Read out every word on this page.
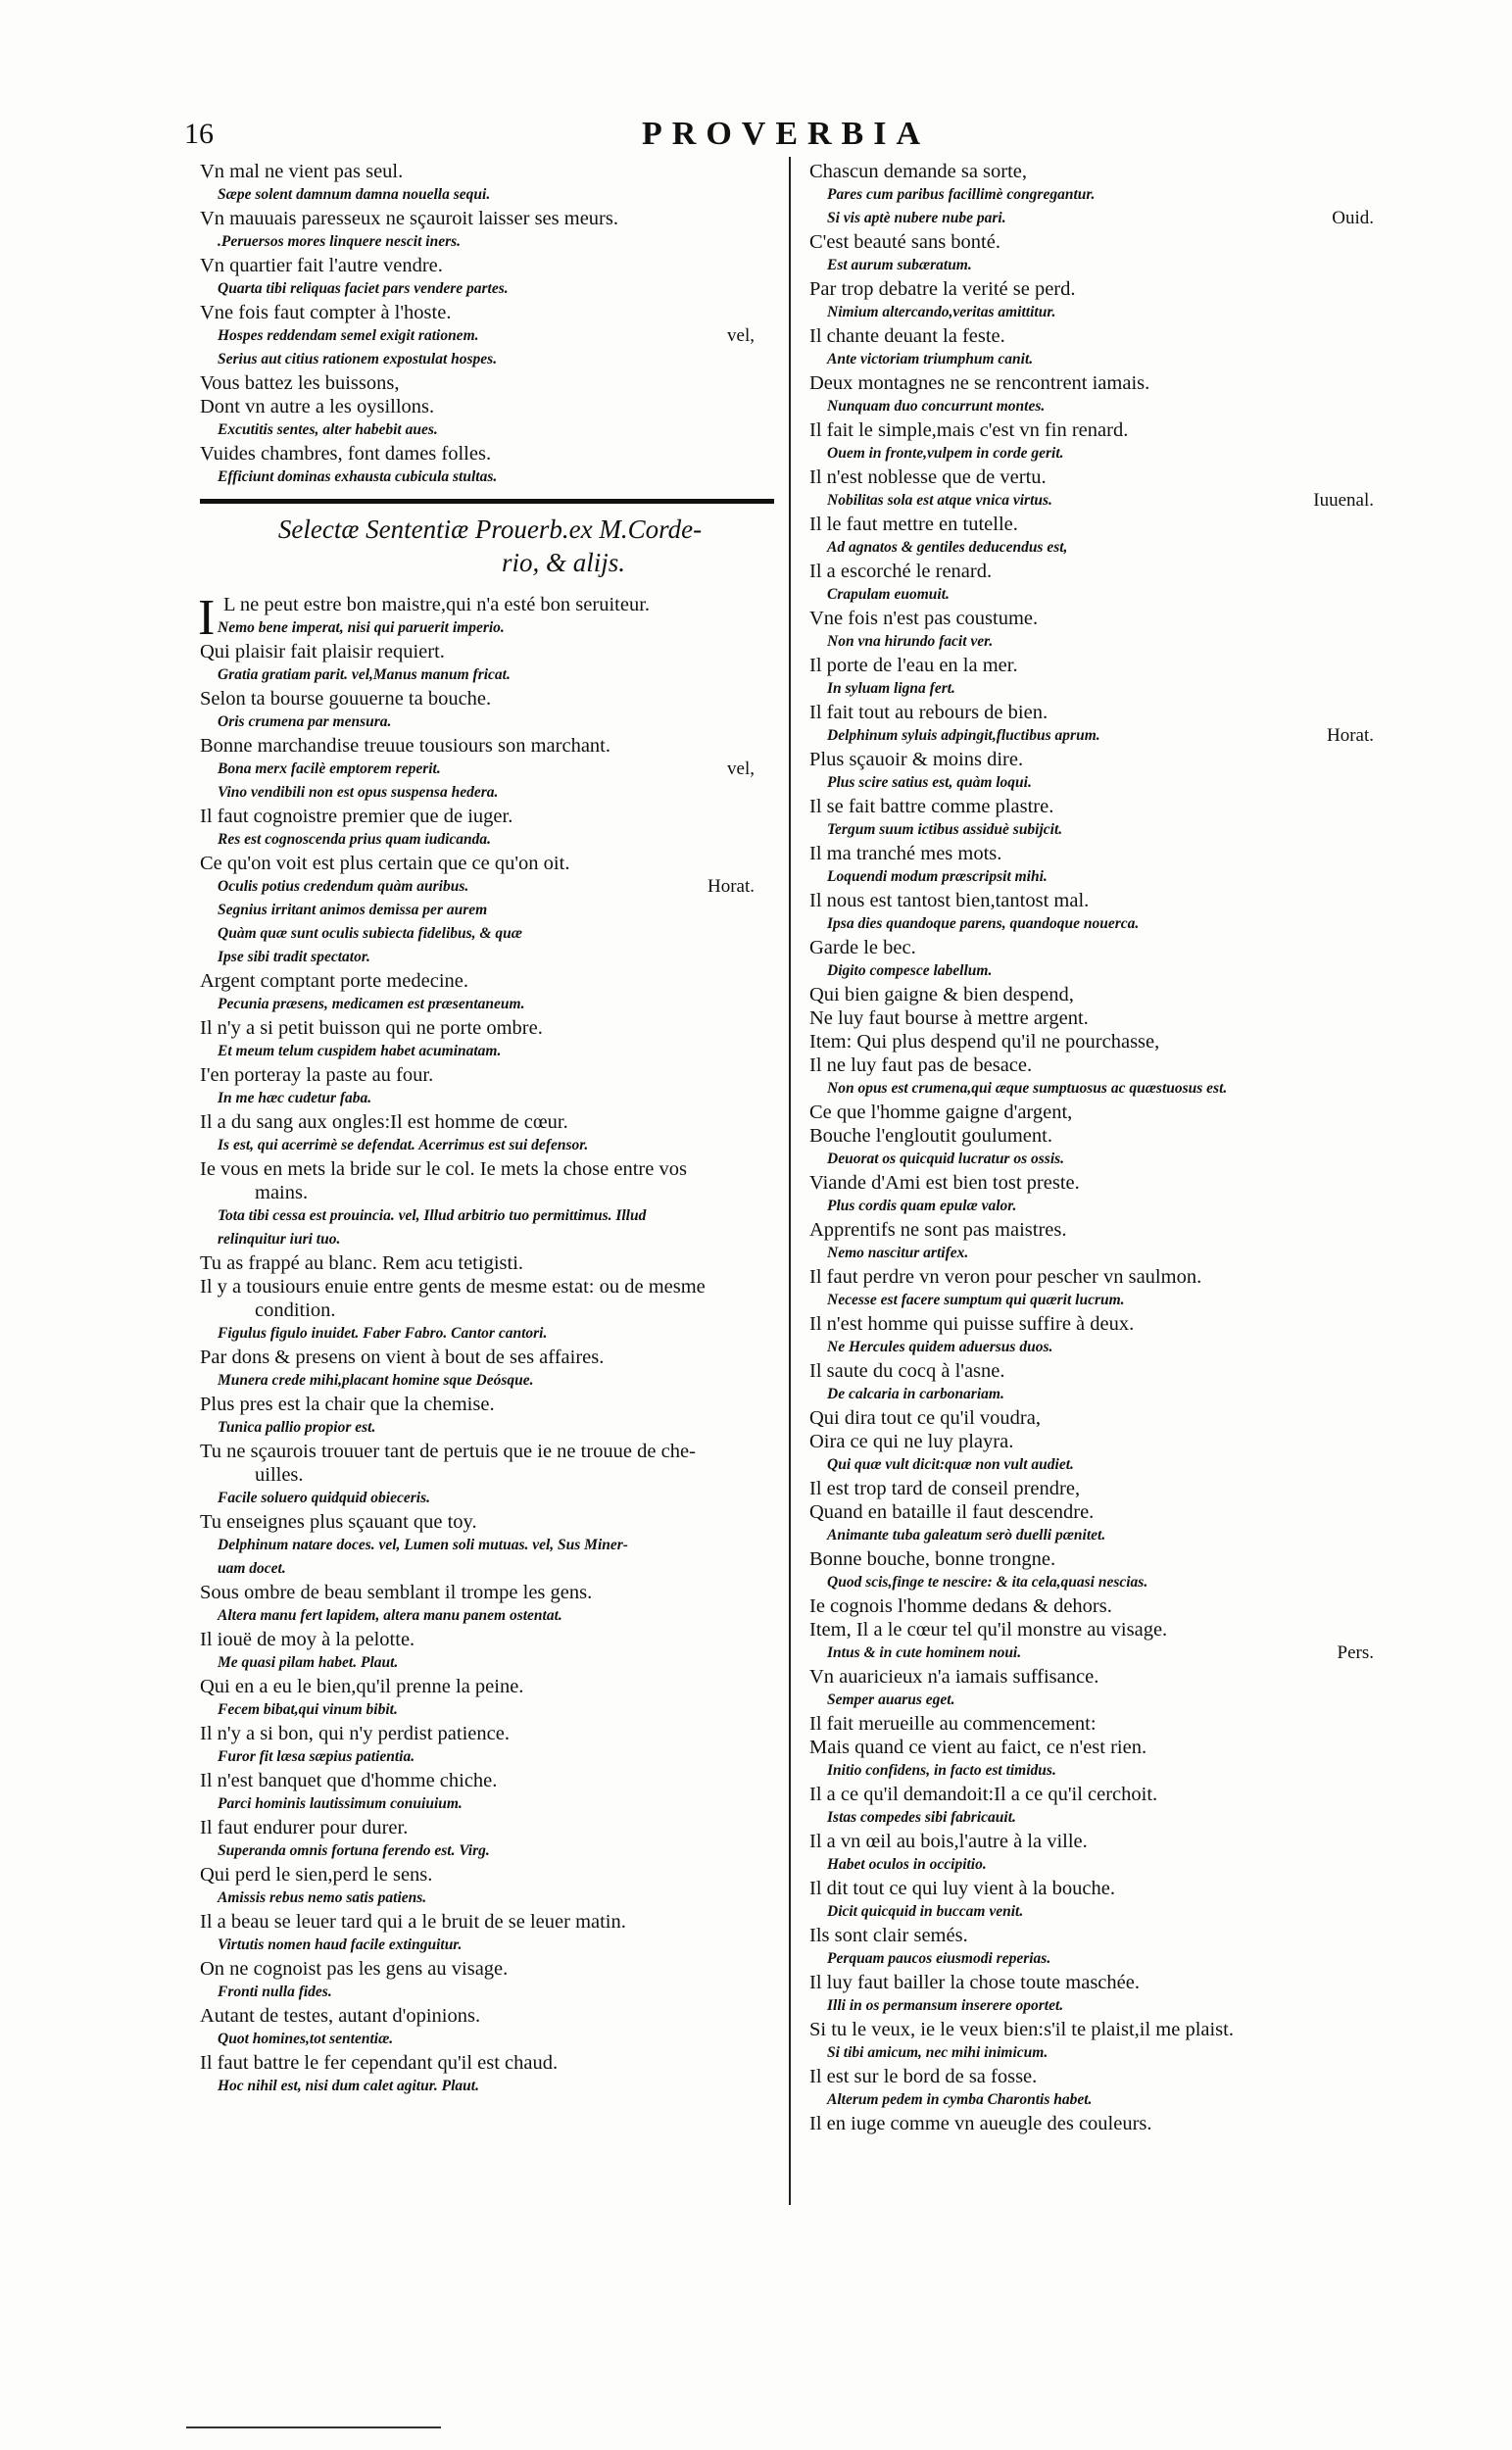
16	PROVERBIA
Vn mal ne vient pas seul.
Sæpe solent damnum damna nouella sequi.
Vn mauuais paresseux ne sçauroit laisser ses meurs.
.Peruersos mores linquere nescit iners.
Vn quartier fait l'autre vendre.
Quarta tibi reliquas faciet pars vendere partes.
Vne fois faut compter à l'hoste.
Hospes reddendam semel exigit rationem.	vel,
Serius aut citius rationem expostulat hospes.
Vous battez les buissons,
Dont vn autre a les oysillons.
Excutitis sentes, alter habebit aues.
Vuides chambres, font dames folles.
Efficiunt dominas exhausta cubicula stultas.
Selectæ Sententiæ Prouerb.ex M.Corde-
rio, & alijs.
I L ne peut estre bon maistre,qui n'a esté bon seruiteur.
Nemo bene imperat, nisi qui paruerit imperio.
Qui plaisir fait plaisir requiert.
Gratia gratiam parit. vel,Manus manum fricat.
Selon ta bourse gouuerne ta bouche.
Oris crumena par mensura.
Bonne marchandise treuue tousiours son marchant.
Bona merx facilè emptorem reperit.	vel,
Vino vendibili non est opus suspensa hedera.
Il faut cognoistre premier que de iuger.
Res est cognoscenda prius quam iudicanda.
Ce qu'on voit est plus certain que ce qu'on oit.
Oculis potius credendum quàm auribus.	Horat.
Segnius irritant animos demissa per aurem
Quàm quæ sunt oculis subiecta fidelibus, & quæ
Ipse sibi tradit spectator.
Argent comptant porte medecine.
Pecunia præsens, medicamen est præsentaneum.
Il n'y a si petit buisson qui ne porte ombre.
Et meum telum cuspidem habet acuminatam.
I'en porteray la paste au four.
In me hæc cudetur faba.
Il a du sang aux ongles:Il est homme de cœur.
Is est, qui acerrimè se defendat. Acerrimus est sui defensor.
Ie vous en mets la bride sur le col. Ie mets la chose entre vos
mains.
Tota tibi cessa est prouincia. vel, Illud arbitrio tuo permittimus. Illud
relinquitur iuri tuo.
Tu as frappé au blanc. Rem acu tetigisti.
Il y a tousiours enuie entre gents de mesme estat: ou de mesme
condition.
Figulus figulo inuidet. Faber Fabro. Cantor cantori.
Par dons & presens on vient à bout de ses affaires.
Munera crede mihi,placant homine sque Deósque.
Plus pres est la chair que la chemise.
Tunica pallio propior est.
Tu ne sçaurois trouuer tant de pertuis que ie ne trouue de che-
uilles.
Facile soluero quidquid obieceris.
Tu enseignes plus sçauant que toy.
Delphinum natare doces. vel, Lumen soli mutuas. vel, Sus Miner-
uam docet.
Sous ombre de beau semblant il trompe les gens.
Altera manu fert lapidem, altera manu panem ostentat.
Il iouë de moy à la pelotte.
Me quasi pilam habet. Plaut.
Qui en a eu le bien,qu'il prenne la peine.
Fecem bibat,qui vinum bibit.
Il n'y a si bon, qui n'y perdist patience.
Furor fit læsa sæpius patientia.
Il n'est banquet que d'homme chiche.
Parci hominis lautissimum conuiuium.
Il faut endurer pour durer.
Superanda omnis fortuna ferendo est. Virg.
Qui perd le sien,perd le sens.
Amissis rebus nemo satis patiens.
Il a beau se leuer tard qui a le bruit de se leuer matin.
Virtutis nomen haud facile extinguitur.
On ne cognoist pas les gens au visage.
Fronti nulla fides.
Autant de testes, autant d'opinions.
Quot homines,tot sententiæ.
Il faut battre le fer cependant qu'il est chaud.
Hoc nihil est, nisi dum calet agitur. Plaut.
Chascun demande sa sorte,
Pares cum paribus facillimè congregantur.
Si vis aptè nubere nube pari.	Ouid.
C'est beauté sans bonté.
Est aurum subæratum.
Par trop debatre la verité se perd.
Nimium altercando,veritas amittitur.
Il chante deuant la feste.
Ante victoriam triumphum canit.
Deux montagnes ne se rencontrent iamais.
Nunquam duo concurrunt montes.
Il fait le simple,mais c'est vn fin renard.
Ouem in fronte,vulpem in corde gerit.
Il n'est noblesse que de vertu.
Nobilitas sola est atque vnica virtus.	Iuuenal.
Il le faut mettre en tutelle.
Ad agnatos & gentiles deducendus est,
Il a escorché le renard.
Crapulam euomuit.
Vne fois n'est pas coustume.
Non vna hirundo facit ver.
Il porte de l'eau en la mer.
In syluam ligna fert.
Il fait tout au rebours de bien.
Delphinum syluis adpingit,fluctibus aprum.	Horat.
Plus sçauoir & moins dire.
Plus scire satius est, quàm loqui.
Il se fait battre comme plastre.
Tergum suum ictibus assiduè subijcit.
Il ma tranché mes mots.
Loquendi modum præscripsit mihi.
Il nous est tantost bien,tantost mal.
Ipsa dies quandoque parens, quandoque nouerca.
Garde le bec.
Digito compesce labellum.
Qui bien gaigne & bien despend,
Ne luy faut bourse à mettre argent.
Item: Qui plus despend qu'il ne pourchasse,
Il ne luy faut pas de besace.
Non opus est crumena,qui æque sumptuosus ac quæstuosus est.
Ce que l'homme gaigne d'argent,
Bouche l'engloutit goulument.
Deuorat os quicquid lucratur os ossis.
Viande d'Ami est bien tost preste.
Plus cordis quam epulæ valor.
Apprentifs ne sont pas maistres.
Nemo nascitur artifex.
Il faut perdre vn veron pour pescher vn saulmon.
Necesse est facere sumptum qui quærit lucrum.
Il n'est homme qui puisse suffire à deux.
Ne Hercules quidem aduersus duos.
Il saute du cocq à l'asne.
De calcaria in carbonariam.
Qui dira tout ce qu'il voudra,
Oira ce qui ne luy playra.
Qui quæ vult dicit:quæ non vult audiet.
Il est trop tard de conseil prendre,
Quand en bataille il faut descendre.
Animante tuba galeatum serò duelli pænitet.
Bonne bouche, bonne trongne.
Quod scis,finge te nescire: & ita cela,quasi nescias.
Ie cognois l'homme dedans & dehors.
Item, Il a le cœur tel qu'il monstre au visage.
Intus & in cute hominem noui.	Pers.
Vn auaricieux n'a iamais suffisance.
Semper auarus eget.
Il fait merueille au commencement:
Mais quand ce vient au faict, ce n'est rien.
Initio confidens, in facto est timidus.
Il a ce qu'il demandoit:Il a ce qu'il cerchoit.
Istas compedes sibi fabricauit.
Il a vn œil au bois,l'autre à la ville.
Habet oculos in occipitio.
Il dit tout ce qui luy vient à la bouche.
Dicit quicquid in buccam venit.
Ils sont clair semés.
Perquam paucos eiusmodi reperias.
Il luy faut bailler la chose toute maschée.
Illi in os permansum inserere oportet.
Si tu le veux, ie le veux bien:s'il te plaist,il me plaist.
Si tibi amicum, nec mihi inimicum.
Il est sur le bord de sa fosse.
Alterum pedem in cymba Charontis habet.
Il en iuge comme vn aueugle des couleurs.
